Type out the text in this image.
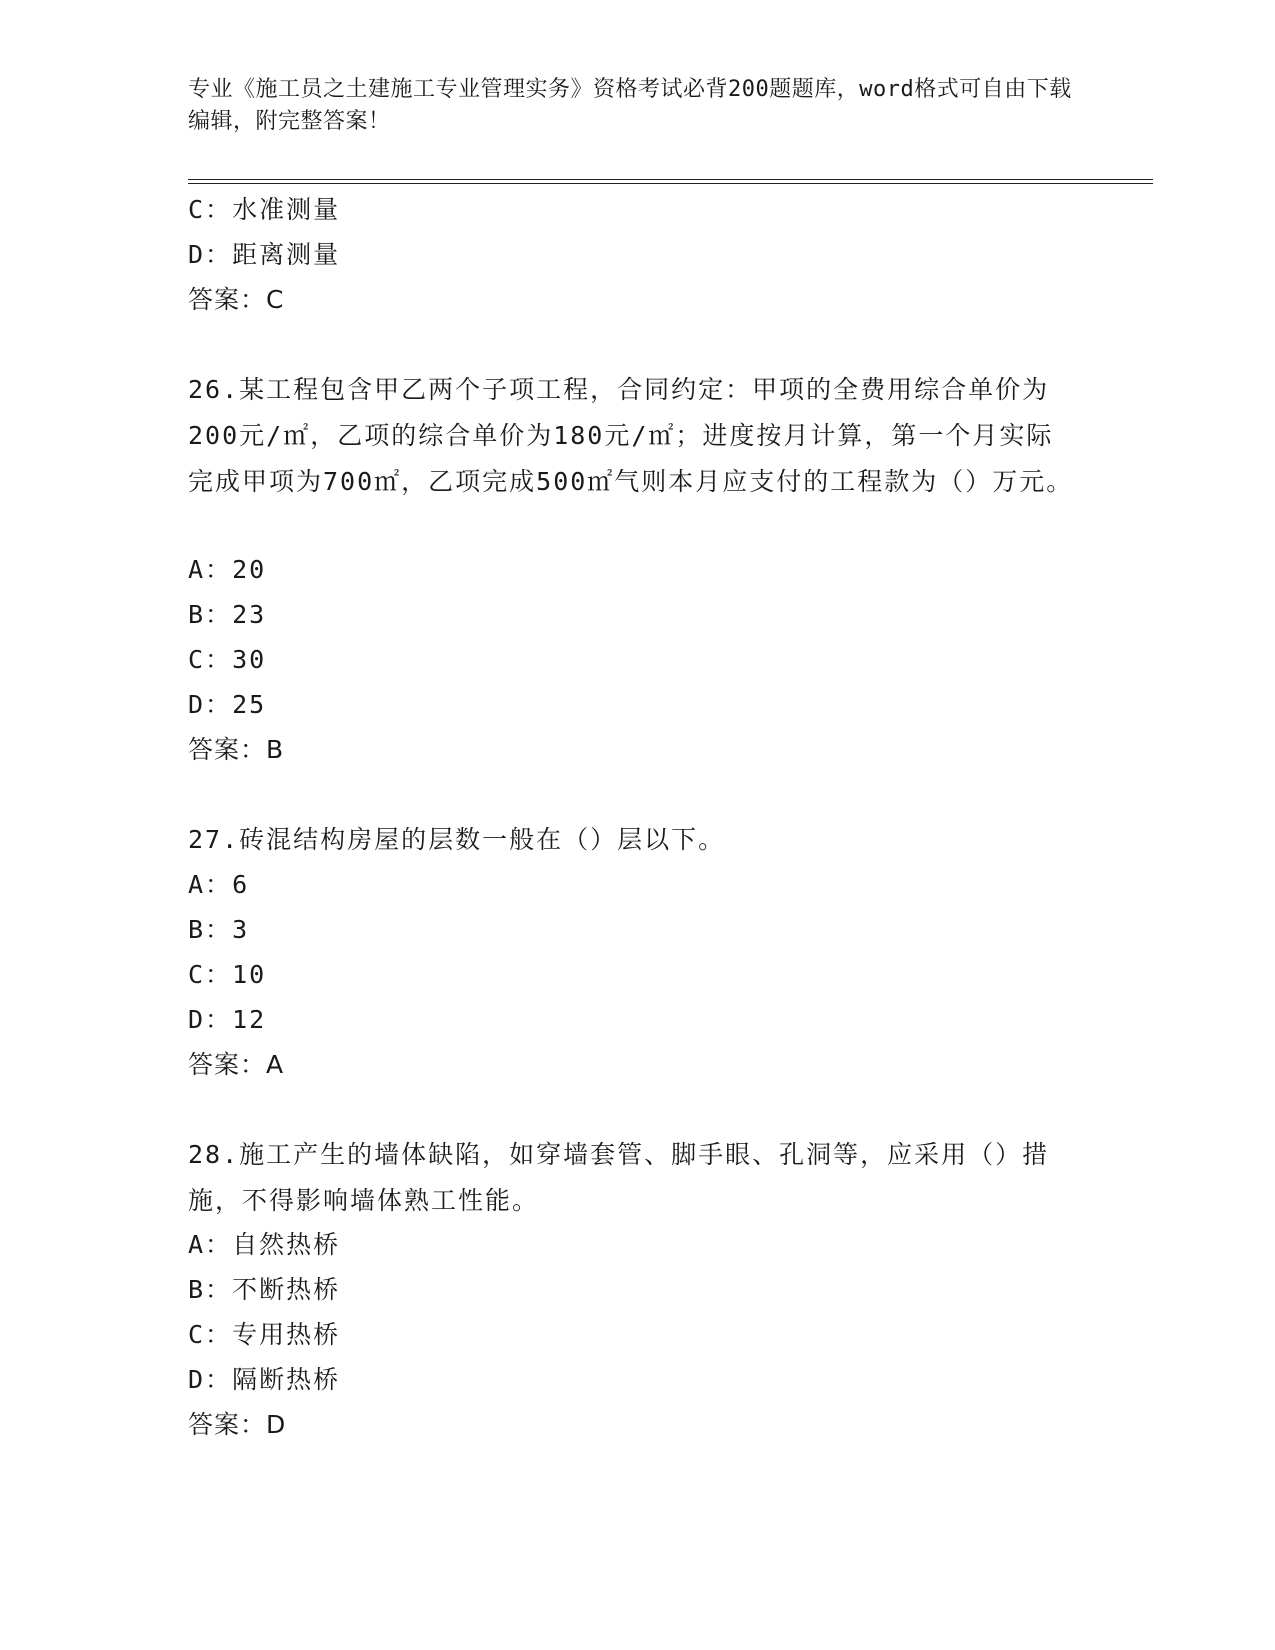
专业《施工员之土建施工专业管理实务》资格考试必背200题题库，word格式可自由下载编辑，附完整答案！
C：水准测量
D：距离测量
答案：C
26.某工程包含甲乙两个子项工程，合同约定：甲项的全费用综合单价为200元/㎡，乙项的综合单价为180元/㎡；进度按月计算，第一个月实际完成甲项为700㎡，乙项完成500㎡气则本月应支付的工程款为（）万元。
A：20
B：23
C：30
D：25
答案：B
27.砖混结构房屋的层数一般在（）层以下。
A：6
B：3
C：10
D：12
答案：A
28.施工产生的墙体缺陷，如穿墙套管、脚手眼、孔洞等，应采用（）措施，不得影响墙体熟工性能。
A：自然热桥
B：不断热桥
C：专用热桥
D：隔断热桥
答案：D
